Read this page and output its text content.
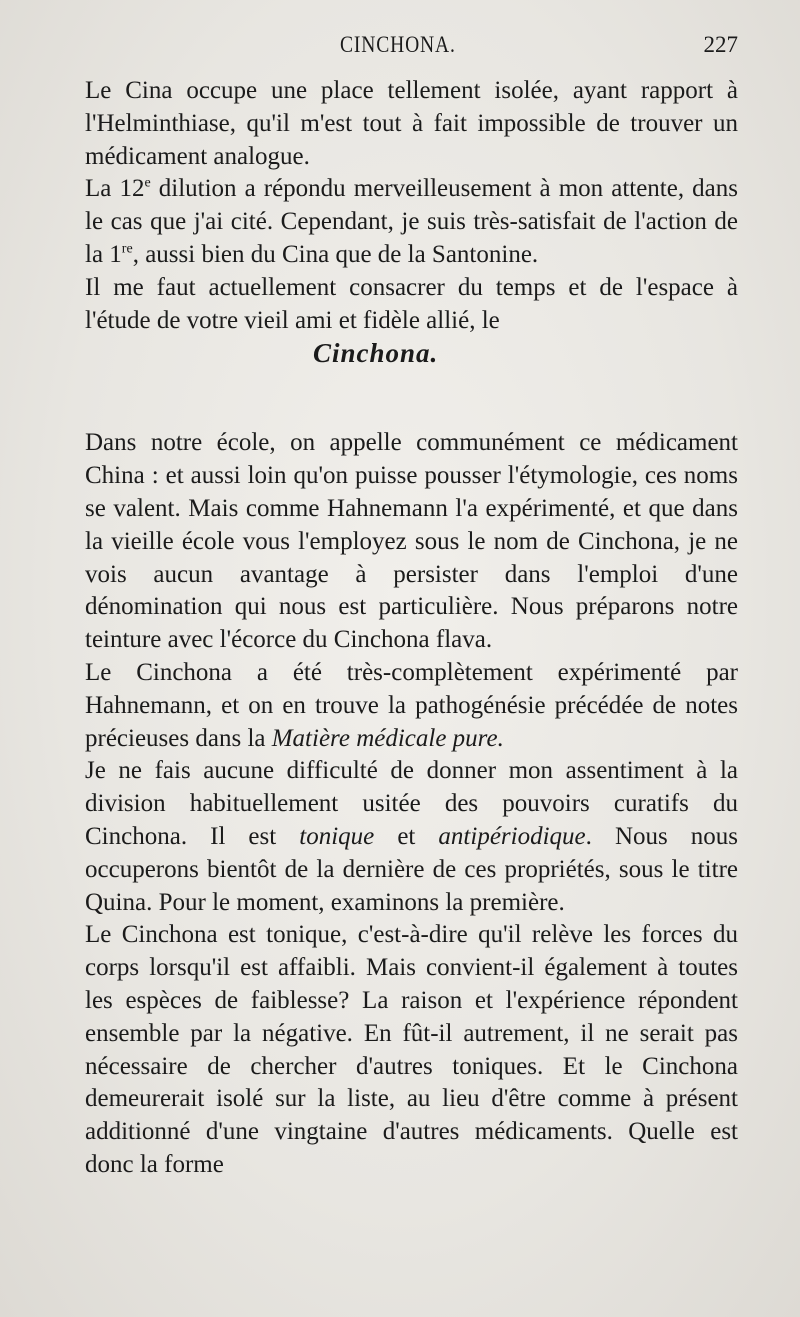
CINCHONA.	227

Le Cina occupe une place tellement isolée, ayant rapport à l'Helminthiase, qu'il m'est tout à fait impossible de trouver un médicament analogue.

La 12e dilution a répondu merveilleusement à mon attente, dans le cas que j'ai cité. Cependant, je suis très-satisfait de l'action de la 1re, aussi bien du Cina que de la Santonine.

Il me faut actuellement consacrer du temps et de l'espace à l'étude de votre vieil ami et fidèle allié, le

Cinchona.

Dans notre école, on appelle communément ce médicament China : et aussi loin qu'on puisse pousser l'étymologie, ces noms se valent. Mais comme Hahnemann l'a expérimenté, et que dans la vieille école vous l'employez sous le nom de Cinchona, je ne vois aucun avantage à persister dans l'emploi d'une dénomination qui nous est particulière. Nous préparons notre teinture avec l'écorce du Cinchona flava.

Le Cinchona a été très-complètement expérimenté par Hahnemann, et on en trouve la pathogénésie précédée de notes précieuses dans la Matière médicale pure.

Je ne fais aucune difficulté de donner mon assentiment à la division habituellement usitée des pouvoirs curatifs du Cinchona. Il est tonique et antipériodique. Nous nous occuperons bientôt de la dernière de ces propriétés, sous le titre Quina. Pour le moment, examinons la première.

Le Cinchona est tonique, c'est-à-dire qu'il relève les forces du corps lorsqu'il est affaibli. Mais convient-il également à toutes les espèces de faiblesse? La raison et l'expérience répondent ensemble par la négative. En fût-il autrement, il ne serait pas nécessaire de chercher d'autres toniques. Et le Cinchona demeurerait isolé sur la liste, au lieu d'être comme à présent additionné d'une vingtaine d'autres médicaments. Quelle est donc la forme
